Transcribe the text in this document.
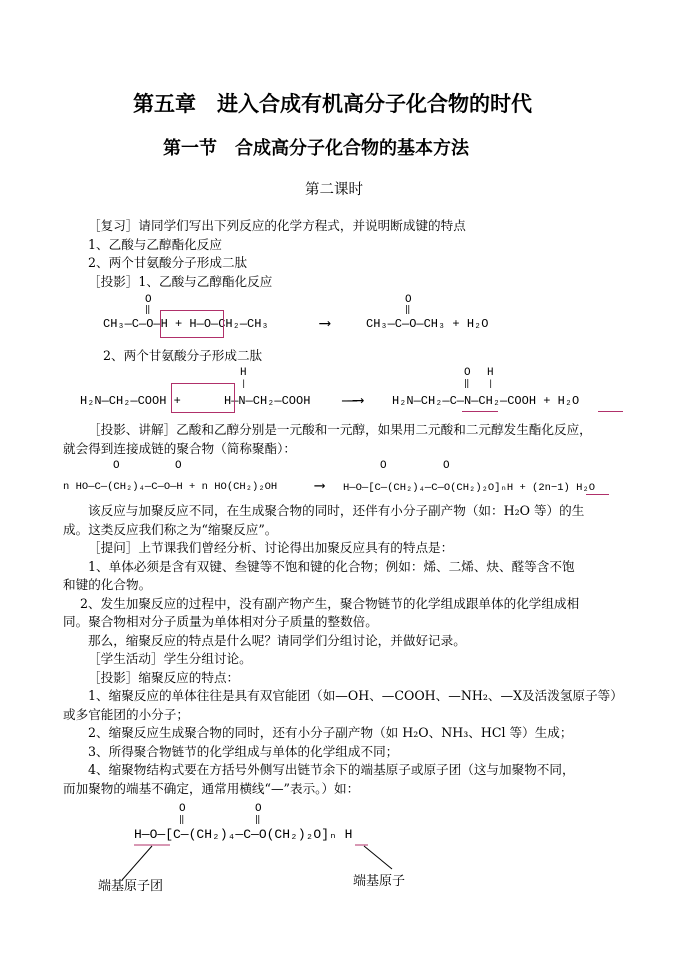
第五章　进入合成有机高分子化合物的时代
第一节　合成高分子化合物的基本方法
第二课时
［复习］请同学们写出下列反应的化学方程式，并说明断成键的特点
1、乙酸与乙醇酯化反应
2、两个甘氨酸分子形成二肽
［投影］1、乙酸与乙醇酯化反应
O	O
‖	‖
CH₃—C—O—H + H—O—CH₂—CH₃	⟶	CH₃—C—O—CH₃ + H₂O
2、两个甘氨酸分子形成二肽
H
|
O
‖
H
|
H₂N—CH₂—COOH +	H—N—CH₂—COOH ——⟶	H₂N—CH₂—C—N—CH₂—COOH + H₂O
［投影、讲解］乙酸和乙醇分别是一元酸和一元醇，如果用二元酸和二元醇发生酯化反应，
就会得到连接成链的聚合物（简称聚酯）：
O	O	O	O
n HO—C—(CH₂)₄—C—O—H + n HO(CH₂)₂OH	⟶ H—O—[C—(CH₂)₄—C—O(CH₂)₂O]ₙH + (2n−1) H₂O
该反应与加聚反应不同，在生成聚合物的同时，还伴有小分子副产物（如：H₂O 等）的生
成。这类反应我们称之为“缩聚反应”。
［提问］上节课我们曾经分析、讨论得出加聚反应具有的特点是：
1、单体必须是含有双键、叁键等不饱和键的化合物；例如：烯、二烯、炔、醛等含不饱
和键的化合物。
2、发生加聚反应的过程中，没有副产物产生，聚合物链节的化学组成跟单体的化学组成相
同。聚合物相对分子质量为单体相对分子质量的整数倍。
那么，缩聚反应的特点是什么呢？请同学们分组讨论，并做好记录。
［学生活动］学生分组讨论。
［投影］缩聚反应的特点：
1、缩聚反应的单体往往是具有双官能团（如—OH、—COOH、—NH₂、—X及活泼氢原子等）
或多官能团的小分子；
2、缩聚反应生成聚合物的同时，还有小分子副产物（如 H₂O、NH₃、HCl 等）生成；
3、所得聚合物链节的化学组成与单体的化学组成不同；
4、缩聚物结构式要在方括号外侧写出链节余下的端基原子或原子团（这与加聚物不同，
而加聚物的端基不确定，通常用横线“—”表示。）如：
O	O
‖	‖
H—O—[C—(CH₂)₄—C—O(CH₂)₂O]ₙ H
端基原子团	端基原子
